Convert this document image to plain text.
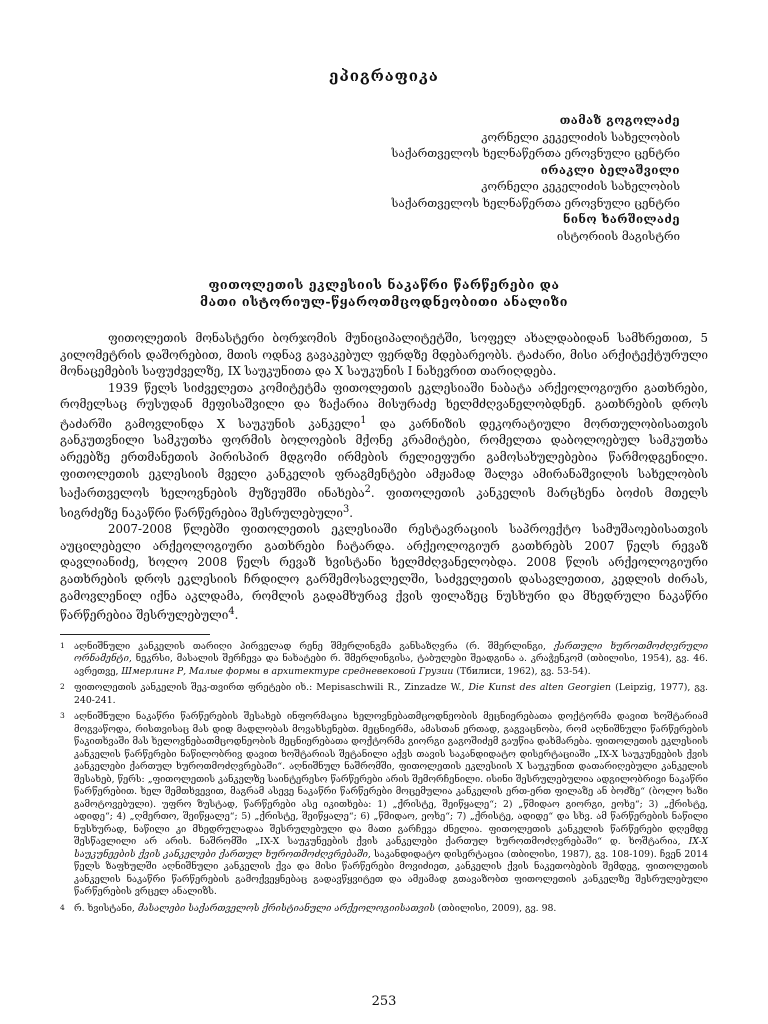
ეპიგრაფიკა
თამაზ გოგოლაძე
კორნელი კეკელიძის სახელობის
საქართველოს ხელნაწერთა ეროვნული ცენტრი
ირაკლი ბელაშვილი
კორნელი კეკელიძის სახელობის
საქართველოს ხელნაწერთა ეროვნული ცენტრი
ნინო ხარშილაძე
ისტორიის მაგისტრი
ფითოლეთის ეკლესიის ნაკაწრი წარწერები და
მათი ისტორიულ-წყაროთმცოდნეობითი ანალიზი

ფითოლეთის მონასტერი ბორჯომის მუნიციპალიტეტში, სოფელ ახალდაბიდან სამხრეთით, 5 კილომეტრის დაშორებით, მთის ოდნავ გავაკებულ ფერდზე მდებარეობს. ტაძარი, მისი არქიტექტურული მონაცემების საფუძველზე, IX საუკუნითა და X საუკუნის I ნახევრით თარიღდება.

1939 წელს სიძველეთა კომიტეტმა ფითოლეთის ეკლესიაში ნაბატა არქეოლოგიური გათხრები, რომელსაც რუსუდან მეფისაშვილი და ზაქარია მისურაძე ხელმძღვანელობდნენ. გათხრების დროს ტაძარში გამოვლინდა X საუკუნის კანკელი$^1$ და კარნიზის დეკორატიული მორთულობისათვის განკუთვნილი სამკუთხა ფორმის ბოლოების მქონე კრამიტები, რომელთა დაბოლოებულ სამკუთხა არეებზე ერთმანეთის პირისპირ მდგომი ირმების რელიეფური გამოსახულებებია წარმოდგენილი. ფითოლეთის ეკლესიის მველი კანკელის ფრაგმენტები ამჟამად შალვა ამირანაშვილის სახელობის საქართველოს ხელოვნების მუზეუმში ინახება$^2$. ფითოლეთის კანკელის მარცხენა ბოძის მთელს სიგრძეზე ნაკაწრი წარწერებია შესრულებული$^3$.

2007-2008 წლებში ფითოლეთის ეკლესიაში რესტავრაციის საპროექტო სამუშაოებისათვის აუცილებელი არქეოლოგიური გათხრები ჩატარდა. არქეოლოგიურ გათხრებს 2007 წელს რევაზ დავლიანიძე, ხოლო 2008 წელს რევაზ ხვისტანი ხელმძღვანელობდა. 2008 წლის არქეოლოგიური გათხრების დროს ეკლესიის ჩრდილო გარშემოსავლელში, საძველეთის დასავლეთით, კედლის ძირას, გამოვლენილ იქნა აკლდამა, რომლის გადამხურავ ქვის ფილაზეც ნუსხური და მხედრული ნაკაწრი წარწერებია შესრულებული$^4$.

1 აღნიშნული კანკელის თარიღი პირველად რენე შმერლინგმა განსაზღვრა (რ. შმერლინგი, ქართული ხუროთმოძღვრული ორნამენტი, ნეკრსი, მასალის შერჩევა და ნახატები რ. შმერლინგისა, ტაბულები შეადგინა ა. კრაჭენკომ (თბილისი, 1954), გვ. 46. ავრეთვე, Шмерлинг Р, Малые формы в архитектуре средневековой Грузии (Тбилиси, 1962), გვ. 53-54).
2 ფითოლეთის კანკელის შეკ-თვირთ ფრეტები იხ.: Mepisaschwili R., Zinzadze W., Die Kunst des alten Georgien (Leipzig, 1977), გვ. 240-241.
3 აღნიშნული ნაკაწრი წარწერების შესახებ ინფორმაცია ხელოვნებათმცოდნეობის მეცნიერებათა დოქტორმა დავით ხოშტარიამ მოგვაწოდა, რისთვისაც მას დიდ მადლობას მოვახსენებთ. მეცნიერმა, ამასთან ერთად, გაგვაცნობა, რომ აღნიშნული წარწერების წაკითხვაში მას ხელოვნებათმცოდნეობის მეცნიერებათა დოქტორმა გიორგი გაგოშიძემ გაუწია დახმარება. ფითოლეთის ეკლესიის კანკელის წარწერები ნაწილობრივ დავით ხოშტარიას შეტანილი აქვს თავის საკანდიდატო დისერტაციაში „IX-X საუკუნეების ქვის კანკელები ქართულ ხუროთმოძღვრებაში“. აღნიშნულ ნაშრომში, ფითოლეთის ეკლესიის X საუკუნით დათარიღებული კანკელის შესახებ, წერს: „ფითოლეთის კანკელზე საინტერესო წარწერები არის შემორჩენილი. ისინი შესრულებულია ადგილობრივი ნაკაწრი წარწერებით. ხელ შემთხვევით, მაგრამ ასევე ნაკაწრი წარწერები მოცემულია კანკელის ერთ-ერთ ფილაზე ან ბოძზე“ (ბოლო ხაზი გამოტოვებული). უფრო ზუსტად, წარწერები ასე იკითხება: 1) „ქრისტე, შეიწყალე“; 2) „წმიდაო გიორგი, ეოხე“; 3) „ქრისტე, ადიდე“; 4) „ღმერთო, შეიწყალე“; 5) „ქრისტე, შეიწყალე“; 6) „წმიდაო, ეოხე“; 7) „ქრისტე, ადიდე“ და სხვ. ამ წარწერების ნაწილი ნუსხურად, ნაწილი კი მხედრულადაა შესრულებული და მათი გარჩევა ძნელია. ფითოლეთის კანკელის წარწერები დღემდე შესწავლილი არ არის. ნაშრომში „IX-X საუკუნეების ქვის კანკელები ქართულ ხუროთმოძღვრებაში“ დ. ხოშტარია, IX-X საუკუნეების ქვის კანკელები ქართულ ხუროთმოძღვრებაში, საკანდიდატო დისერტაცია (თბილისი, 1987), გვ. 108-109). ჩვენ 2014 წელს ზაფხულში აღნიშნული კანკელის ქვა და მისი წარწერები მოვიძიეთ, კანკელის ქვის ნაკეთობების შემდეგ, ფითოლეთის კანკელის ნაკაწრი წარწერების გამოქვეყნებაც გადავწყვიტეთ და ამჟამად გთავაზობთ ფითოლეთის კანკელზე შესრულებული წარწერების ვრცელ ანალიზს.
4 რ. ხვისტანი, მასალები საქართველოს ქრისტიანული არქეოლოგიისათვის (თბილისი, 2009), გვ. 98.
253
